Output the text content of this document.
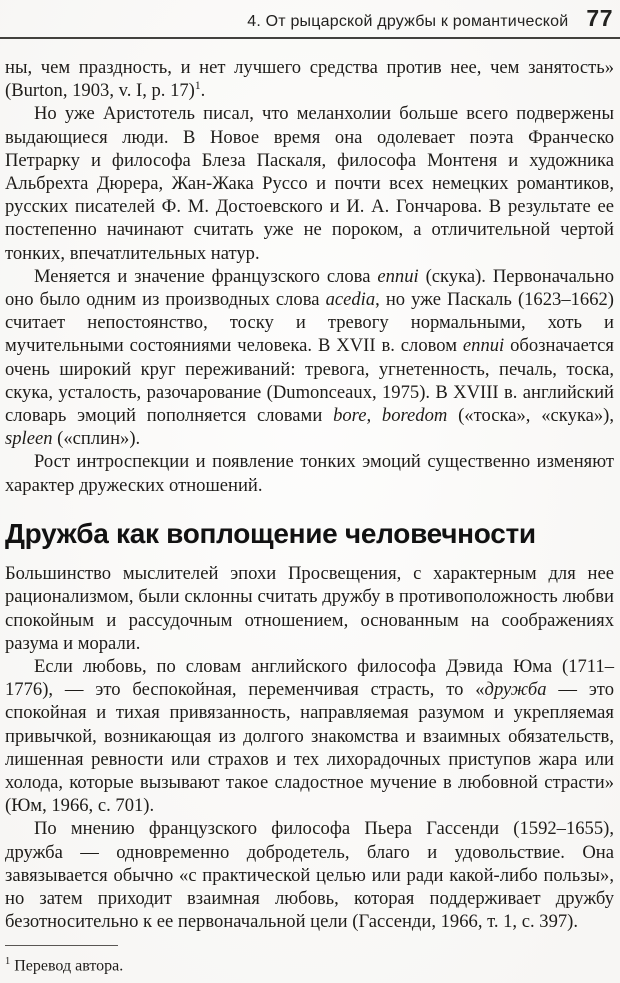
4. От рыцарской дружбы к романтической 77

ны, чем праздность, и нет лучшего средства против нее, чем занятость» (Burton, 1903, v. I, p. 17)$^1$.

Но уже Аристотель писал, что меланхолии больше всего подвержены выдающиеся люди. В Новое время она одолевает поэта Франческо Петрарку и философа Блеза Паскаля, философа Монтеня и художника Альбрехта Дюрера, Жан-Жака Руссо и почти всех немецких романтиков, русских писателей Ф. М. Достоевского и И. А. Гончарова. В результате ее постепенно начинают считать уже не пороком, а отличительной чертой тонких, впечатлительных натур.

Меняется и значение французского слова ennui (скука). Первоначально оно было одним из производных слова acedia, но уже Паскаль (1623–1662) считает непостоянство, тоску и тревогу нормальными, хоть и мучительными состояниями человека. В XVII в. словом ennui обозначается очень широкий круг переживаний: тревога, угнетенность, печаль, тоска, скука, усталость, разочарование (Dumonceaux, 1975). В XVIII в. английский словарь эмоций пополняется словами bore, boredom («тоска», «скука»), spleen («сплин»).

Рост интроспекции и появление тонких эмоций существенно изменяют характер дружеских отношений.

Дружба как воплощение человечности

Большинство мыслителей эпохи Просвещения, с характерным для нее рационализмом, были склонны считать дружбу в противоположность любви спокойным и рассудочным отношением, основанным на соображениях разума и морали.

Если любовь, по словам английского философа Дэвида Юма (1711–1776), — это беспокойная, переменчивая страсть, то «дружба — это спокойная и тихая привязанность, направляемая разумом и укрепляемая привычкой, возникающая из долгого знакомства и взаимных обязательств, лишенная ревности или страхов и тех лихорадочных приступов жара или холода, которые вызывают такое сладостное мучение в любовной страсти» (Юм, 1966, с. 701).

По мнению французского философа Пьера Гассенди (1592–1655), дружба — одновременно добродетель, благо и удовольствие. Она завязывается обычно «с практической целью или ради какой-либо пользы», но затем приходит взаимная любовь, которая поддерживает дружбу безотносительно к ее первоначальной цели (Гассенди, 1966, т. 1, с. 397).

$^1$ Перевод автора.
